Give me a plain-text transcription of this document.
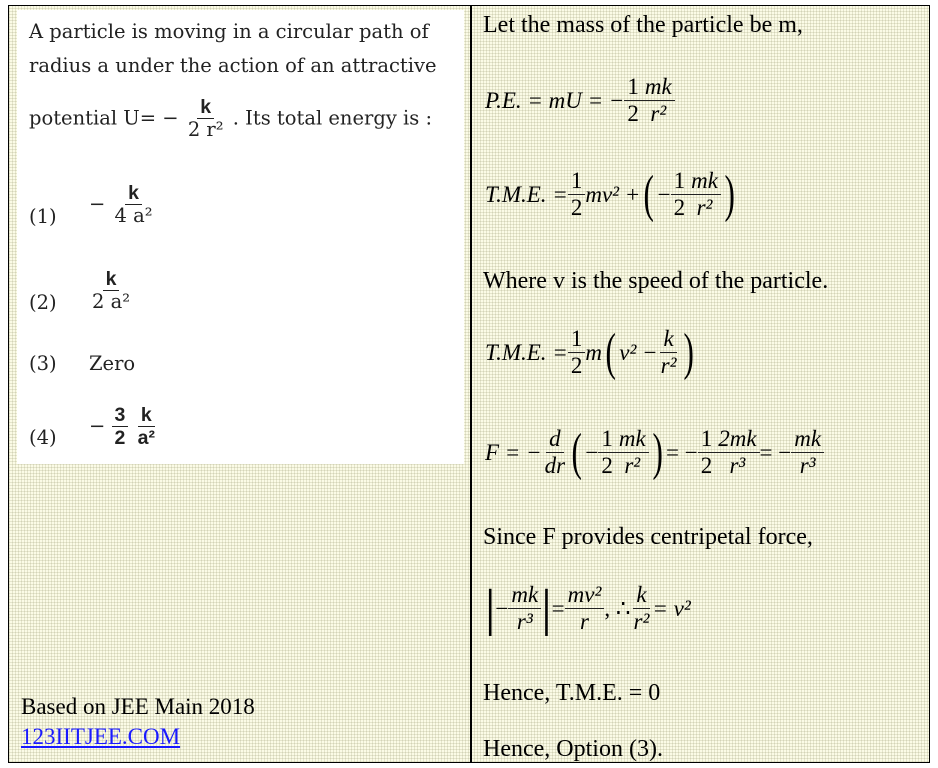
A particle is moving in a circular path of
radius a under the action of an attractive
potential $U= - \frac{k}{\text{2 r²}}$ . Its total energy is :
(1)
− $\frac{k}{\text{4 a²}}$
$(2) \frac{k}{\text{2 a²}}$
(3) Zero
(4)
− $\frac{3}{2}$
$\frac{k}{\text{a²}}$
Based on JEE Main 2018
123IITJEE.COM
Let the mass of the particle be m,
P.E. = mU = − $\frac{1}{2} \frac{mk}{\text{r²}}$
T.M.E. = $\frac{1}{2} mv^2$ + ( − $\frac{1}{2} \frac{mk}{\text{r²}}$ )
Where v is the speed of the particle.
T.M.E. = $\frac{1}{2}$ m ( $v^2 - \frac{k}{\text{r²}}$ )
F = − $\frac{d}{dr}$ ( − $\frac{1}{2} \frac{mk}{\text{r²}}$ ) = − $\frac{1}{2} \frac{2mk}{\text{r³}}$ = − $\frac{mk}{\text{r³}}$
Since F provides centripetal force,
| − $\frac{mk}{\text{r³}}$ | = $\frac{\text{mv²}}{r}$ , ∴ $\frac{k}{\text{r²}} = v^2$
Hence, T.M.E. = 0
Hence, Option (3).
